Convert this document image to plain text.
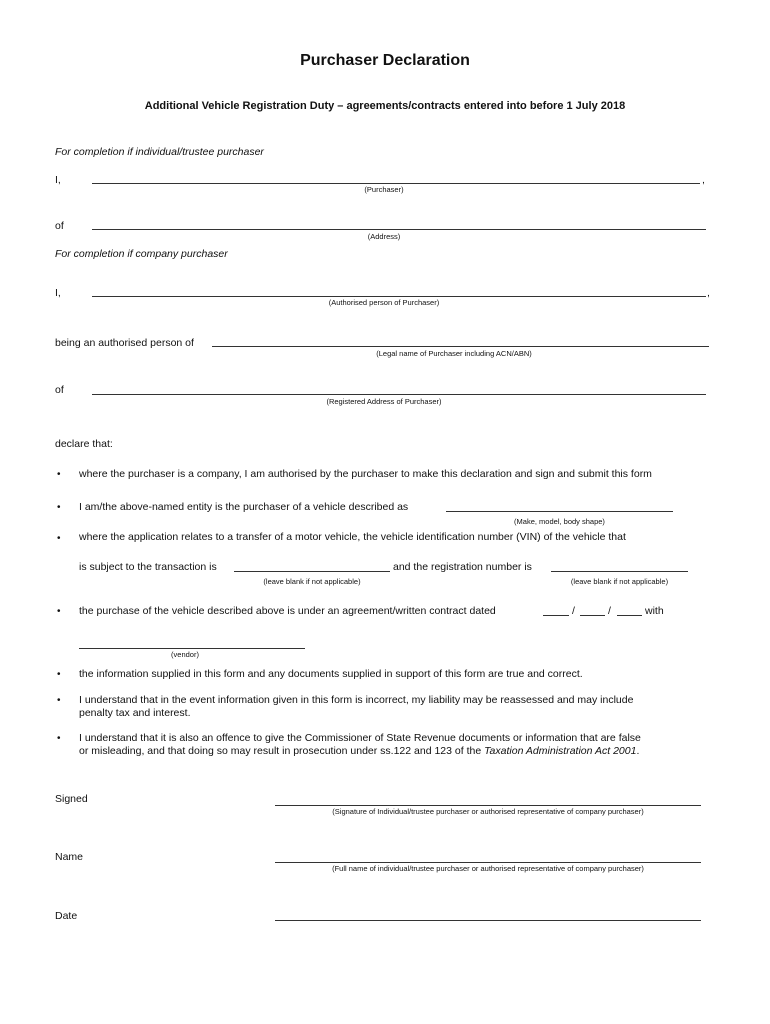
Purchaser Declaration
Additional Vehicle Registration Duty – agreements/contracts entered into before 1 July 2018
For completion if individual/trustee purchaser
I,	,
(Purchaser)
of
(Address)
For completion if company purchaser
I,	,
(Authorised person of Purchaser)
being an authorised person of
(Legal name of Purchaser including ACN/ABN)
of
(Registered Address of Purchaser)
declare that:
• where the purchaser is a company, I am authorised by the purchaser to make this declaration and sign and submit this form
• I am/the above-named entity is the purchaser of a vehicle described as
(Make, model, body shape)
• where the application relates to a transfer of a motor vehicle, the vehicle identification number (VIN) of the vehicle that
is subject to the transaction is	and the registration number is
(leave blank if not applicable)	(leave blank if not applicable)
• the purchase of the vehicle described above is under an agreement/written contract dated	/	/	with
(vendor)
• the information supplied in this form and any documents supplied in support of this form are true and correct.
• I understand that in the event information given in this form is incorrect, my liability may be reassessed and may include
penalty tax and interest.
• I understand that it is also an offence to give the Commissioner of State Revenue documents or information that are false
or misleading, and that doing so may result in prosecution under ss.122 and 123 of the Taxation Administration Act 2001.
Signed
(Signature of Individual/trustee purchaser or authorised representative of company purchaser)
Name
(Full name of individual/trustee purchaser or authorised representative of company purchaser)
Date
